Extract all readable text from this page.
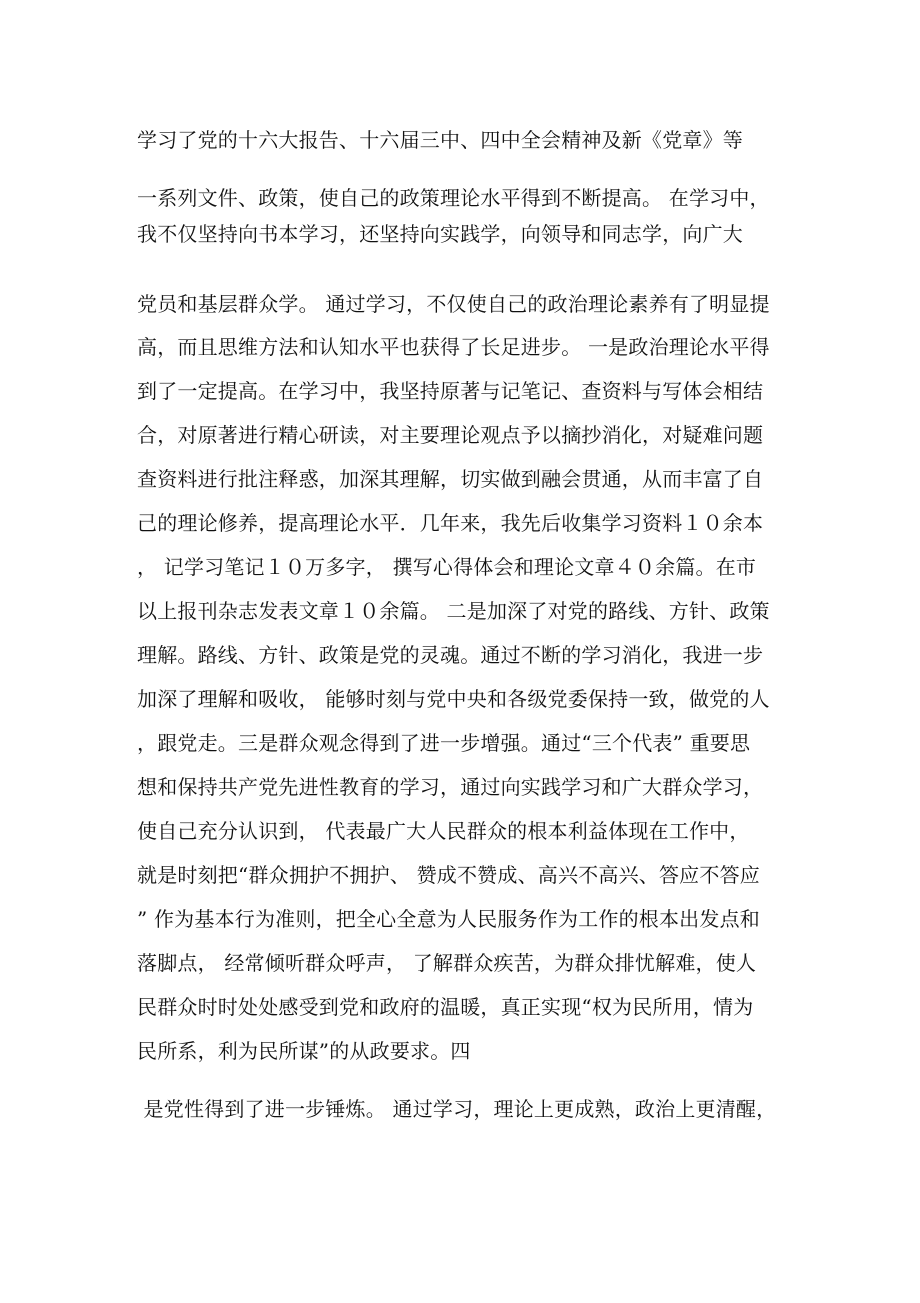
学习了党的十六大报告、十六届三中、四中全会精神及新《党章》等
一系列文件、政策，使自己的政策理论水平得到不断提高。 在学习中，
我不仅坚持向书本学习，还坚持向实践学，向领导和同志学，向广大
党员和基层群众学。 通过学习，不仅使自己的政治理论素养有了明显提
高，而且思维方法和认知水平也获得了长足进步。 一是政治理论水平得
到了一定提高。在学习中，我坚持原著与记笔记、查资料与写体会相结
合，对原著进行精心研读，对主要理论观点予以摘抄消化，对疑难问题
查资料进行批注释惑，加深其理解，切实做到融会贯通，从而丰富了自
己的理论修养，提高理论水平．几年来，我先后收集学习资料１０余本
， 记学习笔记１０万多字， 撰写心得体会和理论文章４０余篇。在市
以上报刊杂志发表文章１０余篇。 二是加深了对党的路线、方针、政策
理解。路线、方针、政策是党的灵魂。通过不断的学习消化，我进一步
加深了理解和吸收， 能够时刻与党中央和各级党委保持一致，做党的人
，跟党走。三是群众观念得到了进一步增强。通过“三个代表” 重要思
想和保持共产党先进性教育的学习，通过向实践学习和广大群众学习，
使自己充分认识到， 代表最广大人民群众的根本利益体现在工作中，
就是时刻把“群众拥护不拥护、 赞成不赞成、高兴不高兴、答应不答应
” 作为基本行为准则，把全心全意为人民服务作为工作的根本出发点和
落脚点， 经常倾听群众呼声， 了解群众疾苦，为群众排忧解难，使人
民群众时时处处感受到党和政府的温暖，真正实现“权为民所用，情为
民所系，利为民所谋”的从政要求。四
是党性得到了进一步锤炼。 通过学习，理论上更成熟，政治上更清醒，
